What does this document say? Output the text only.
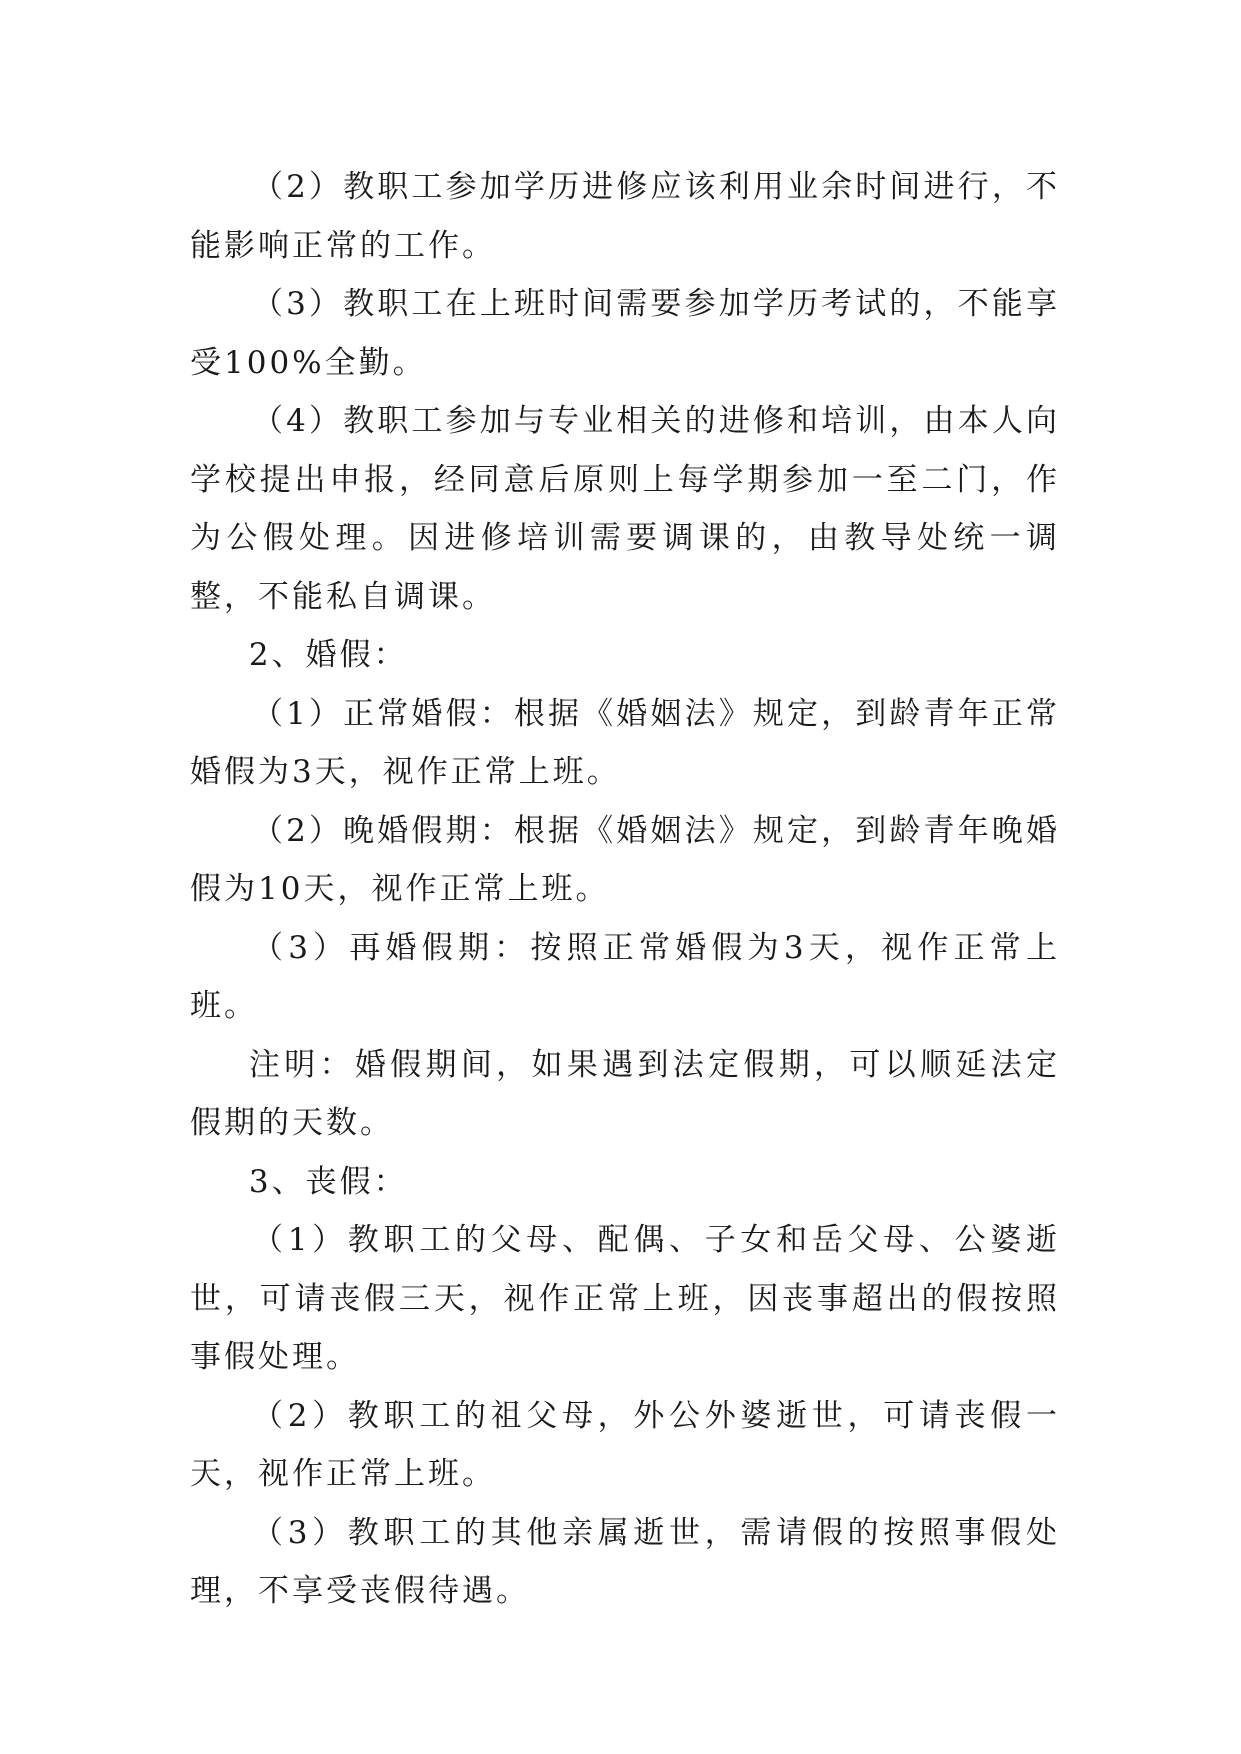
（2）教职工参加学历进修应该利用业余时间进行，不能影响正常的工作。

（3）教职工在上班时间需要参加学历考试的，不能享受100%全勤。

（4）教职工参加与专业相关的进修和培训，由本人向学校提出申报，经同意后原则上每学期参加一至二门，作为公假处理。因进修培训需要调课的，由教导处统一调整，不能私自调课。

2、婚假：

（1）正常婚假：根据《婚姻法》规定，到龄青年正常婚假为3天，视作正常上班。

（2）晚婚假期：根据《婚姻法》规定，到龄青年晚婚假为10天，视作正常上班。

（3）再婚假期：按照正常婚假为3天，视作正常上班。

注明：婚假期间，如果遇到法定假期，可以顺延法定假期的天数。

3、丧假：

（1）教职工的父母、配偶、子女和岳父母、公婆逝世，可请丧假三天，视作正常上班，因丧事超出的假按照事假处理。

（2）教职工的祖父母，外公外婆逝世，可请丧假一天，视作正常上班。

（3）教职工的其他亲属逝世，需请假的按照事假处理，不享受丧假待遇。
